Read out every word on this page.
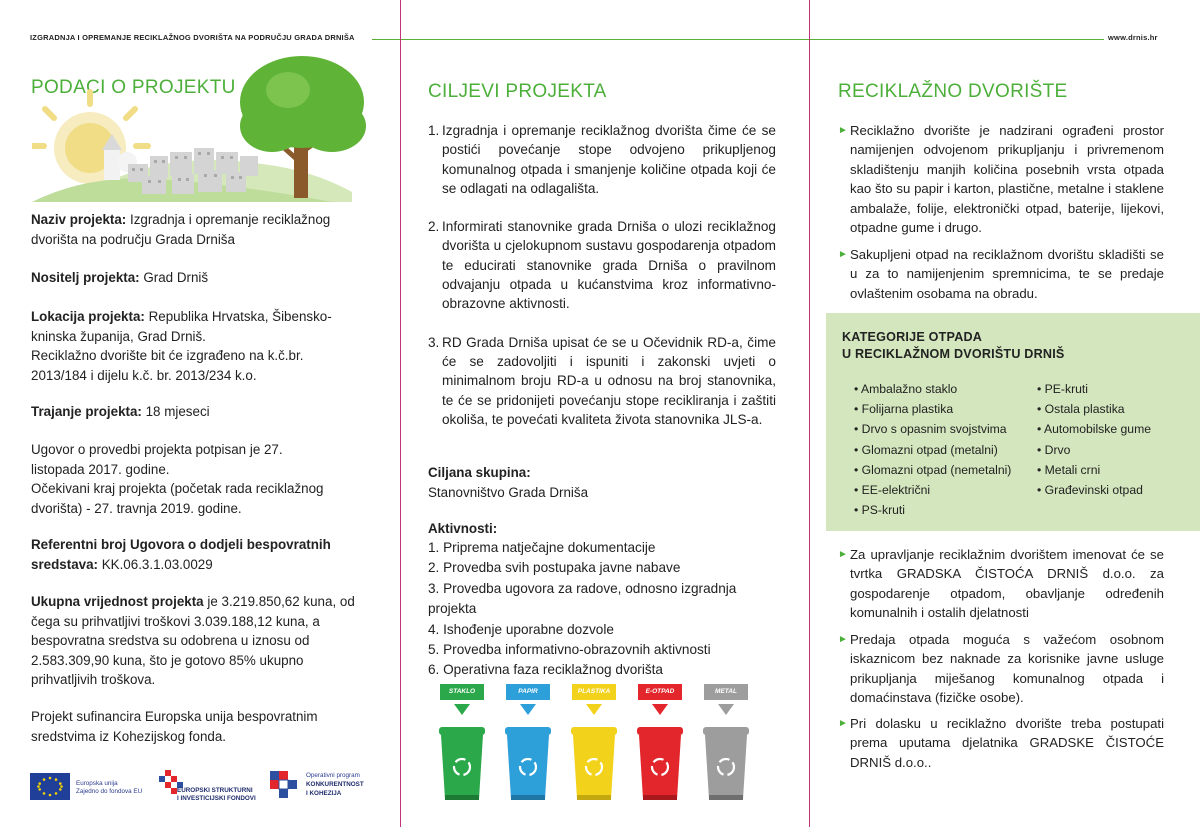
IZGRADNJA I OPREMANJE RECIKLAŽNOG DVORIŠTA NA PODRUČJU GRADA DRNIŠA	www.drnis.hr
PODACI O PROJEKTU
Naziv projekta: Izgradnja i opremanje reciklažnog dvorišta na području Grada Drniša
Nositelj projekta: Grad Drniš
Lokacija projekta: Republika Hrvatska, Šibensko-kninska županija, Grad Drniš.
Reciklažno dvorište bit će izgrađeno na k.č.br. 2013/184 i dijelu k.č. br. 2013/234 k.o.
Trajanje projekta: 18 mjeseci
Ugovor o provedbi projekta potpisan je 27. listopada 2017. godine.
Očekivani kraj projekta (početak rada reciklažnog dvorišta) - 27. travnja 2019. godine.
Referentni broj Ugovora o dodjeli bespovratnih sredstava: KK.06.3.1.03.0029
Ukupna vrijednost projekta je 3.219.850,62 kuna, od čega su prihvatljivi troškovi 3.039.188,12 kuna, a bespovratna sredstva su odobrena u iznosu od 2.583.309,90 kuna, što je gotovo 85% ukupno prihvatljivih troškova.
Projekt sufinancira Europska unija bespovratnim sredstvima iz Kohezijskog fonda.
Europska unija
Zajedno do fondova EU	EUROPSKI STRUKTURNI
I INVESTICIJSKI FONDOVI
Operativni program
KONKURENTNOST
I KOHEZIJA
CILJEVI PROJEKTA
1. Izgradnja i opremanje reciklažnog dvorišta čime će se postići povećanje stope odvojeno prikupljenog komunalnog otpada i smanjenje količine otpada koji će se odlagati na odlagališta.
2. Informirati stanovnike grada Drniša o ulozi reciklažnog dvorišta u cjelokupnom sustavu gospodarenja otpadom te educirati stanovnike grada Drniša o pravilnom odvajanju otpada u kućanstvima kroz informativno-obrazovne aktivnosti.
3. RD Grada Drniša upisat će se u Očevidnik RD-a, čime će se zadovoljiti i ispuniti i zakonski uvjeti o minimalnom broju RD-a u odnosu na broj stanovnika, te će se pridonijeti povećanju stope recikliranja i zaštiti okoliša, te povećati kvaliteta života stanovnika JLS-a.
Ciljana skupina:
Stanovništvo Grada Drniša
Aktivnosti:
1. Priprema natječajne dokumentacije
2. Provedba svih postupaka javne nabave
3. Provedba ugovora za radove, odnosno izgradnja projekta
4. Ishođenje uporabne dozvole
5. Provedba informativno-obrazovnih aktivnosti
6. Operativna faza reciklažnog dvorišta
STAKLO	PAPIR	PLASTIKA	E-OTPAD	METAL
RECIKLAŽNO DVORIŠTE
► Reciklažno dvorište je nadzirani ograđeni prostor namijenjen odvojenom prikupljanju i privremenom skladištenju manjih količina posebnih vrsta otpada kao što su papir i karton, plastične, metalne i staklene ambalaže, folije, elektronički otpad, baterije, lijekovi, otpadne gume i drugo.
► Sakupljeni otpad na reciklažnom dvorištu skladišti se u za to namijenjenim spremnicima, te se predaje ovlaštenim osobama na obradu.
KATEGORIJE OTPADA
U RECIKLAŽNOM DVORIŠTU DRNIŠ
• Ambalažno staklo
• Folijarna plastika
• Drvo s opasnim svojstvima
• Glomazni otpad (metalni)
• Glomazni otpad (nemetalni)
• EE-električni
• PS-kruti
• PE-kruti
• Ostala plastika
• Automobilske gume
• Drvo
• Metali crni
• Građevinski otpad
► Za upravljanje reciklažnim dvorištem imenovat će se tvrtka GRADSKA ČISTOĆA DRNIŠ d.o.o. za gospodarenje otpadom, obavljanje određenih komunalnih i ostalih djelatnosti
► Predaja otpada moguća s važećom osobnom iskaznicom bez naknade za korisnike javne usluge prikupljanja miješanog komunalnog otpada i domaćinstava (fizičke osobe).
► Pri dolasku u reciklažno dvorište treba postupati prema uputama djelatnika GRADSKE ČISTOĆE DRNIŠ d.o.o..
